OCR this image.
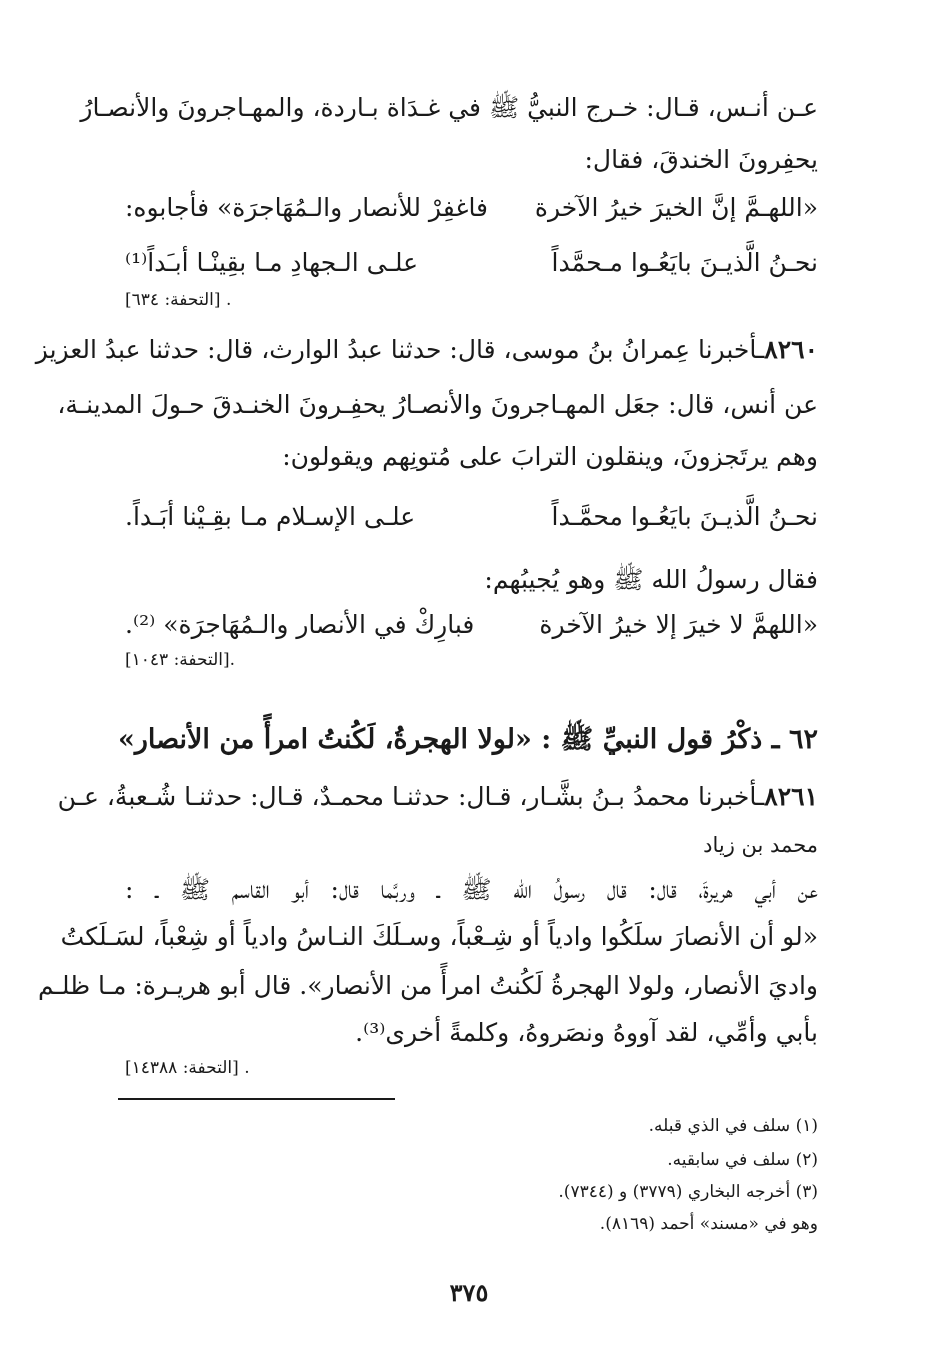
عـن أنـس، قـال: خـرج النبيُّ ﷺ في غـدَاة بـاردة، والمهـاجرونَ والأنصـارُ
يحفِرونَ الخندقَ، فقال:
«اللهـمَّ إنَّ الخيرَ خيرُ الآخرة
فاغفِرْ للأنصار والـمُهَاجرَة» فأجابوه:
نحـنُ الَّذيـنَ بايَعُـوا مـحمَّداً
علـى الـجهادِ مـا بقِينْـا أبـَداً⁽¹⁾
[التحفة: ٦٣٤] .
٨٢٦٠ـأخبرنا عِمرانُ بنُ موسى، قال: حدثنا عبدُ الوارث، قال: حدثنا عبدُ العزيز
عن أنس، قال: جعَل المهـاجرونَ والأنصـارُ يحفِـرونَ الخنـدقَ حـولَ المدينـة،
وهم يرتَجزونَ، وينقلون الترابَ على مُتونِهم ويقولون:
نحـنُ الَّذيـنَ بايَعُـوا محمَّـداً
علـى الإسـلام مـا بقِـيْنا أبَـداً.
فقال رسولُ الله ﷺ وهو يُجيبُهم:
«اللهمَّ لا خيرَ إلا خيرُ الآخرة
فبارِكْ في الأنصار والـمُهَاجرَة» ⁽²⁾.
[التحفة: ١٠٤٣].
٦٢ ـ ذكْرُ قول النبيِّ ﷺ : «لولا الهجرةُ، لَكُنتُ امرأً من الأنصار»
٨٢٦١ـأخبرنا محمدُ بـنُ بشَّـار، قـال: حدثنـا محمـدٌ، قـال: حدثنـا شُـعبةُ، عـن
محمد بن زياد
عن أبي هريرةَ، قال: قال رسولُ الله ﷺ ـ وربَّما قال: أبو القاسم ﷺ ـ :
«لو أن الأنصارَ سلَكُوا وادياً أو شِـعْباً، وسـلَكَ النـاسُ وادياً أو شِعْباً، لسَـلَكتُ
واديَ الأنصار، ولولا الهجرةُ لَكُنتُ امرأً من الأنصار». قال أبو هريـرة: مـا ظلـم
بأبي وأمِّي، لقد آووهُ ونصَروهُ، وكلمةً أخرى⁽³⁾.
[التحفة: ١٤٣٨٨] .
(١) سلف في الذي قبله.
(٢) سلف في سابقيه.
(٣) أخرجه البخاري (٣٧٧٩) و (٧٣٤٤).
وهو في «مسند» أحمد (٨١٦٩).
٣٧٥
